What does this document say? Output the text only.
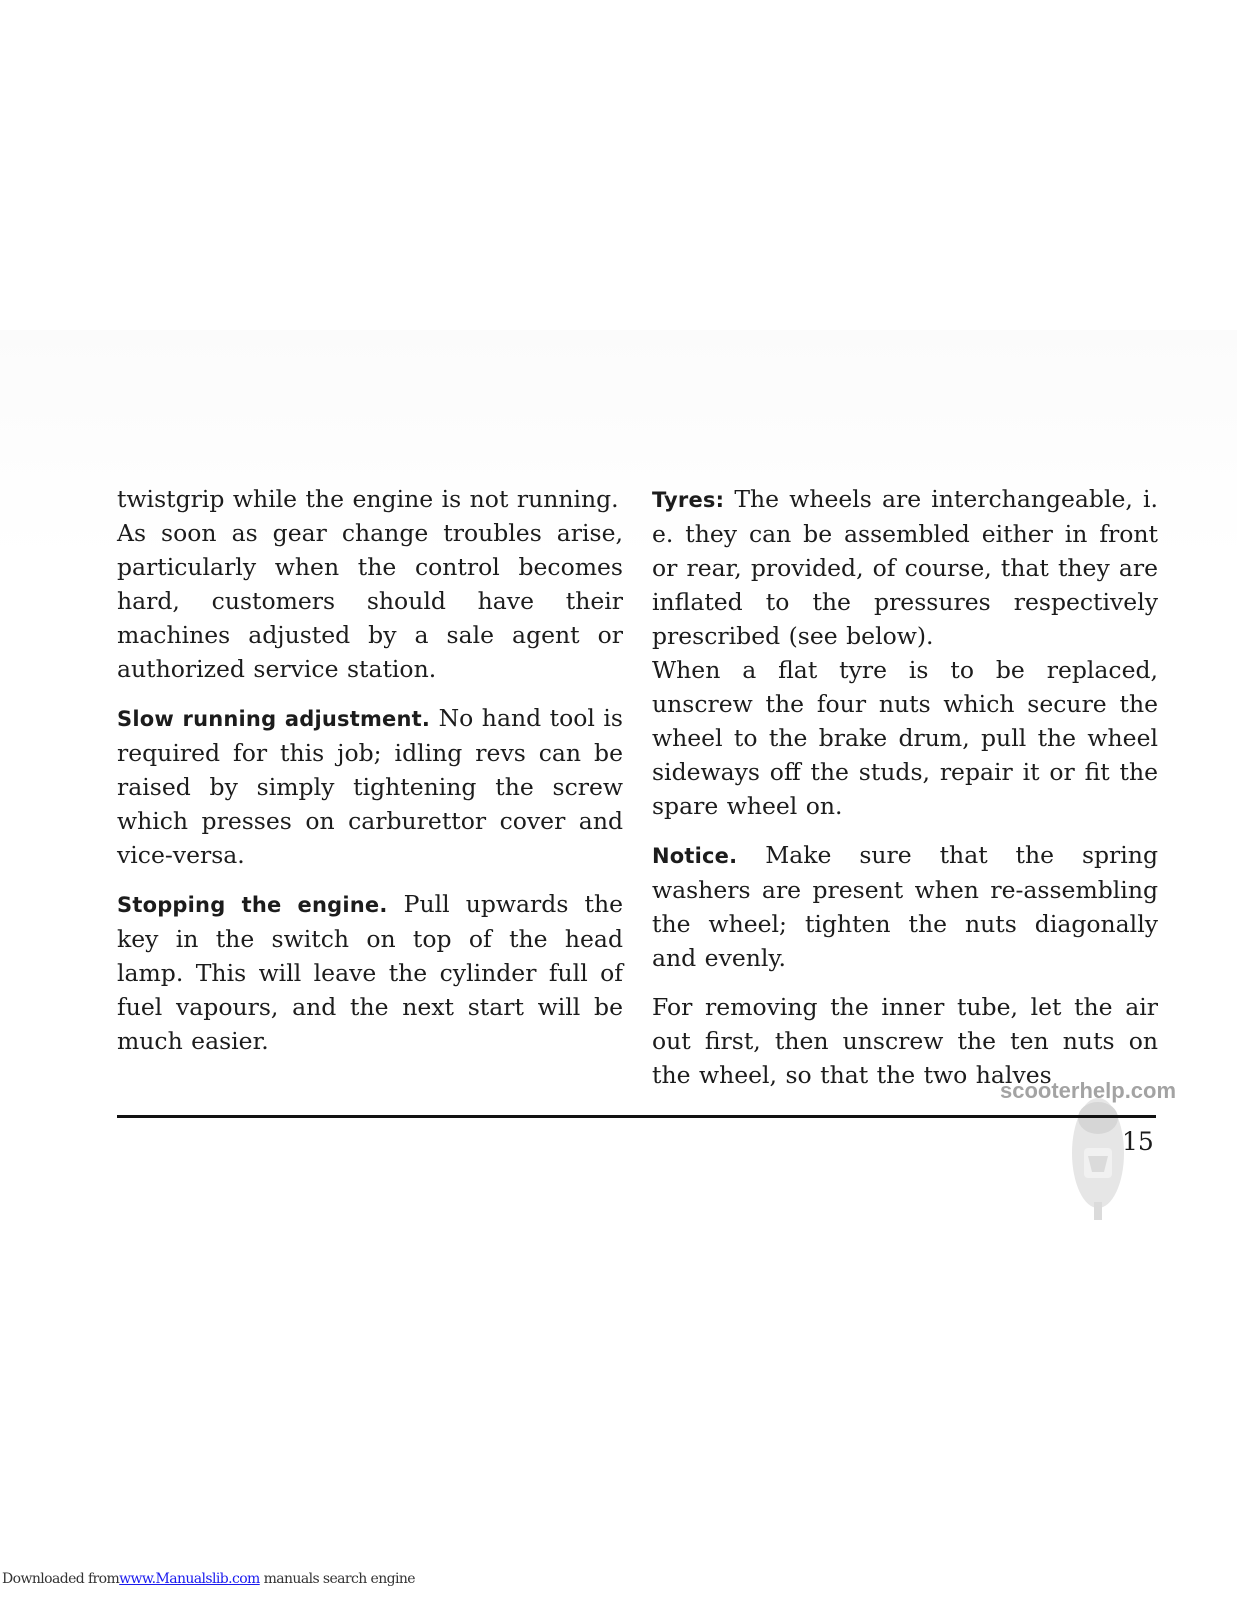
twistgrip while the engine is not running.

As soon as gear change troubles arise, particularly when the control becomes hard, customers should have their machines adjusted by a sale agent or authorized service station.

Slow running adjustment. No hand tool is required for this job; idling revs can be raised by simply tightening the screw which presses on carburettor cover and vice-versa.

Stopping the engine. Pull upwards the key in the switch on top of the head lamp. This will leave the cylinder full of fuel vapours, and the next start will be much easier.

Tyres: The wheels are interchangeable, i. e. they can be assembled either in front or rear, provided, of course, that they are inflated to the pressures respectively prescribed (see below).

When a flat tyre is to be replaced, unscrew the four nuts which secure the wheel to the brake drum, pull the wheel sideways off the studs, repair it or fit the spare wheel on.

Notice. Make sure that the spring washers are present when re-assembling the wheel; tighten the nuts diagonally and evenly.

For removing the inner tube, let the air out first, then unscrew the ten nuts on the wheel, so that the two halves

scooterhelp.com
15
Downloaded fromwww.Manualslib.com manuals search engine
